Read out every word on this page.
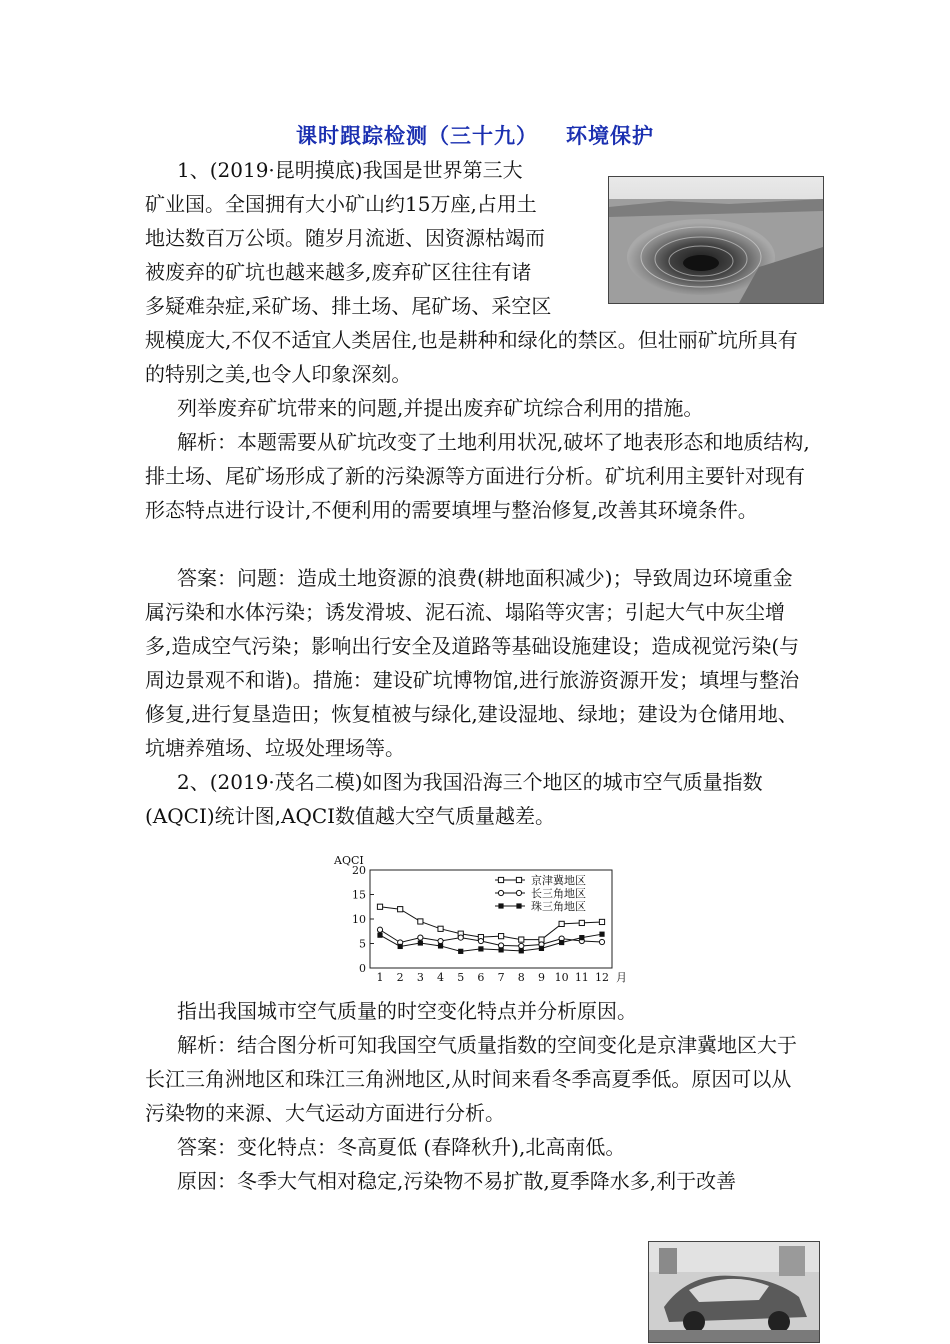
课时跟踪检测（三十九） 环境保护

1、(2019·昆明摸底)我国是世界第三大

矿业国。全国拥有大小矿山约15万座,占用土

地达数百万公顷。随岁月流逝、因资源枯竭而

被废弃的矿坑也越来越多,废弃矿区往往有诸

多疑难杂症,采矿场、排土场、尾矿场、采空区

规模庞大,不仅不适宜人类居住,也是耕种和绿化的禁区。但壮丽矿坑所具有的特别之美,也令人印象深刻。

列举废弃矿坑带来的问题,并提出废弃矿坑综合利用的措施。

解析：本题需要从矿坑改变了土地利用状况,破坏了地表形态和地质结构,排土场、尾矿场形成了新的污染源等方面进行分析。矿坑利用主要针对现有形态特点进行设计,不便利用的需要填埋与整治修复,改善其环境条件。

答案：问题：造成土地资源的浪费(耕地面积减少)；导致周边环境重金属污染和水体污染；诱发滑坡、泥石流、塌陷等灾害；引起大气中灰尘增多,造成空气污染；影响出行安全及道路等基础设施建设；造成视觉污染(与周边景观不和谐)。措施：建设矿坑博物馆,进行旅游资源开发；填埋与整治修复,进行复垦造田；恢复植被与绿化,建设湿地、绿地；建设为仓储用地、坑塘养殖场、垃圾处理场等。

2、(2019·茂名二模)如图为我国沿海三个地区的城市空气质量指数(AQCI)统计图,AQCI数值越大空气质量越差。

AQCI
0
5
10
15
20
1 2 3 4 5 6 7 8 9 10 11 12 月
京津冀地区
长三角地区
珠三角地区

指出我国城市空气质量的时空变化特点并分析原因。

解析：结合图分析可知我国空气质量指数的空间变化是京津冀地区大于长江三角洲地区和珠江三角洲地区,从时间来看冬季高夏季低。原因可以从污染物的来源、大气运动方面进行分析。

答案：变化特点：冬高夏低 (春降秋升),北高南低。

原因：冬季大气相对稳定,污染物不易扩散,夏季降水多,利于改善
